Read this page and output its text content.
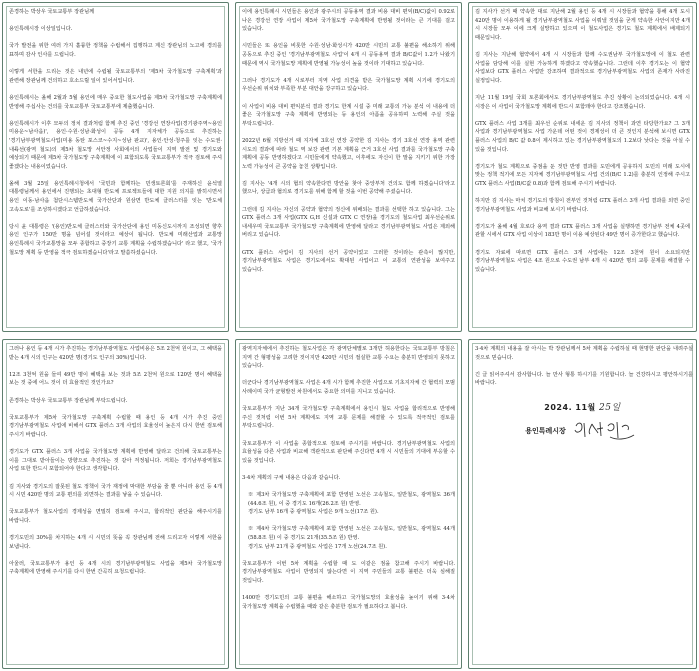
존경하는 박상우 국토교통부 장관님께

용인특례시장 이상일입니다.

국가 발전을 위한 여러 가지 훌륭한 정책을 수립해서 집행하고 계신 장관님의 노고에 경의를 표하며 감사 인사를 드립니다.

이렇게 서한을 드리는 것은 내년에 수립될 국토교통부의 '제5차 국가철도망 구축계획'과 관련해 장관님께 건의하고 호소드릴 일이 있어서입니다.

용인특례시는 올해 2월과 5월 용인에 매우 중요한 철도사업을 제5차 국가철도망 구축계획에 반영해 주십사는 건의를 국토교통부 국토교통부에 제출했습니다.

용인특례시가 이후 모두의 정치 결과처럼 함께 추진 중인 '경강선 연장사업(경기광주역~용인 미용운~남사읍)', 용인·수원·성남·화성이 공동 4개 지자체가 공동으로 추진하는 '경기남부광역철도사업(미용 동탄 포스코~수지~성남 판교)', 용인·안성·청주를 잇는 수도권·내륙선(광역 철도)의 제5차 철도망 서안정 사회에서의 사업들이 지역 발전 및 경기도와 예상되기 때문에 제5차 국가철도망 구축계획에 이 표함되도록 국토교통부가 적극 검토해 주셔 좋겠다는 내용이었습니다.

올해 3월 25일 용인특례시청에서 '국민과 함께하는 민생토론회'를 주재하신 윤석열 대통령님께서 용인에서 진행되는 초대형 반도체 프로젝트들에 대한 지원 의지를 밝히시면서 용인 이동·남사읍 첨단시스템반도체 국가산단과 원삼면 반도체 클러스터를 잇는 '반도체 고속도로'를 조성하시겠다고 언급하셨습니다.

당시 윤 대통령은 '(용인)반도체 클러스터와 국가산단에 용인 미동신도시까지 조성되면 향후 용인 인구가 150만 명을 넘어설 것이라고 예상이 됩니다. 반도체 미래산업과 교통망 용인특례시 국가교통망을 모두 종합하고 중장기 교통 계획을 수립하겠습니다' 라고 했고, '국가 철도망 계획 등 반영을 적극 검토하겠습니다'라고 말씀하셨습니다.

이에 용인특례시 시민들은 용인과 광주시의 공동용역 결과 비용 대비 편익(B/C)값이 0.92로 나온 경강선 연장 사업이 제5차 국가철도망 구축계획에 반영될 것이라는 큰 기대를 걸고 있습니다.

시민들은 또 용인을 비롯한 수원·성남·화성시가 420만 시민의 교통 불편을 해소하기 위해 공동으로 추진 중인 '경기남부광역철도 사업'이 4개 시 공동용역 결과 B/C값이 1.2가 나왔기 때문에 역시 국가철도망 계획에 반영될 가능성이 높을 것이라 기대하고 있습니다.

그러나 경기도가 4개 시로부터 지역 사업 의견을 받은 국가철도망 계획 시기에 경기도의 우선순위 위치와 부족한 부분 대안을 강구하고 있습니다.

이 사업이 비용 대비 편익분석 결과 경기도 한계 시설 중 미래 교통의 가능 분석 이 내용에 더 좋은 국가철도망 구축 계획에 반영되는 등 용인의 아픔을 공유하며 노력해 주실 것을 부탁드립니다.

2022년 6월 지방선거 때 지자체 3호선 연장 공약한 김 지사는 경기 3호선 연장 용역 관련 시도의 결과에 따라 철도 역 보강 관련 기본 계획을 근거 3호선 사업 결과를 국가철도망 구축 계획에 공동 반영하겠다고 시민들에게 약속했고, 이후에도 자신이 한 말을 지키기 위한 가장 노력 가능성이 큰 공약을 놓친 상황입니다.

김 지사는 '4개 시의 협의 약속한다면 방안을 찾아 중앙부처 건의도 함께 하겠습니다'라고 했으나, 상급과 협의로 경기도를 위해 함께 할 것을 이번 공약해 주셨습니다.

그런데 김 지사는 자신의 공약과 협약의 정신에 위배되는 결과를 선택한 하고 있습니다. 그는 GTX 플러스 3개 사업(GTX G,H 신설과 GTX C 연장)을 경기도의 철도사업 최우선순위로 내세우며 국토교통부 국가철도망 구축계획에 반영해 달라고 경기남부광역철도 사업은 제외해 버리고 있습니다.

GTX 플러스 사업이 김 지사의 선거 공약이었고 그러한 것이라는 관측이 많지만, 경기남부광역철도 사업은 경기도에서도 확대된 사업이고 이 교통의 연관성을 보여주고 있습니다.

김 지사가 선거 때 약속한 대로 지난해 2월 용인 등 4개 시 시장들과 협약을 통해 4개 도시 420만 명이 이용하게 될 경기남부광역철도 사업을 이뤄낼 것임을 굳게 약속한 사안이지만 4개 시 시장들 모두 이에 크게 실망하고 있으며 이 철도사업은 경기도 철도 계획에서 배제되기 때문입니다.

김 지사는 지난해 협약에서 4개 시 시장들과 함께 수도권남부 국가철도망에 이 철도 관련 사업을 담당해 이를 실현 가능하게 하겠다고 약속했습니다. 그런데 이후 경기도는 이 협약 사업보다 GTX 플러스 사업만 강조하며 결과적으로 경기남부광역철도 사업의 존재가 사라진 실정입니다.

지난 11월 19일 국회 토론회에서도 경기남부광역철도 추진 상황이 논의되었습니다. 4개 시 시장은 이 사업이 국가철도망 계획에 반드시 포함돼야 한다고 강조했습니다.

GTX 플러스 사업 3개를 최우선 순위로 내세운 김 지사의 정책이 과연 타당한가요? 그 3개 사업과 경기남부광역철도 사업 가운데 어떤 것이 경제성이 더 큰 것인지 분석해 보시면 GTX 플러스 사업의 B/C 값 0.8이 제시하고 있는 경기남부광역철도의 1.2보다 낮다는 것을 아실 수 있을 것입니다.

경기도가 철도 계획으로 중점을 둔 것만 반영 결과를 도민에게 공유하지 도민의 미래 도시에 맞는 정책 적기에 모든 지자체 경기남부광역철도 사업 건의(B/C 1.2)를 충분히 인정해 주시고 GTX 플러스 사업(B/C값 0.8)과 함께 검토해 주시기 바랍니다.

하지만 김 지사는 마치 경기도의 방침이 전부인 것처럼 GTX 플러스 3개 사업 결과를 외면 중인 경기남부광역철도 사업과 비교해 보시기 바랍니다.

경기도가 올해 4월 호로다 용역 결과 GTX 플러스 3개 사업을 실행하면 경기남부 전체 4곳에 관할 시에서 GTX 사업 이상이 183만 명이 이용 예상된다 49만 명이 증가한다고 했습니다.

경기도 자료에 따르면 GTX 플러스 3개 사업에는 12조 3천억 원이 소요되지만 경기남부광역철도 사업은 4조 원으로 수도권 남부 4개 시 420만 명의 교통 문제를 해결할 수 있습니다.

그러나 용인 등 4개 시가 추진하는 경기남부광역철도 사업비용은 5조 2천억 원이고, 그 혜택을 받는 4개 시의 인구는 420만 명(경기도 인구의 30%)입니다.

12조 3천억 원을 들여 49만 명이 혜택을 보는 것과 5조 2천억 원으로 120만 명이 혜택을 보는 것 중에 어느 것이 더 효율적인 것인가요?

존경하는 박상우 국토교통부 장관님께 부탁드립니다.

국토교통부가 제5차 국가철도망 구축계획 수립할 때 용인 등 4개 시가 추진 중인 경기남부광역철도 사업에 비해서 GTX 플러스 3개 사업의 효율성이 높은지 다시 한번 검토해 주시기 바랍니다.

경기도가 GTX 플러스 3개 사업을 국가철도망 계획에 반영해 달라고 건의해 국토교통부는 이를 그대로 받아들이는 방향으로 추진하는 것 같아 걱정됩니다. 저희는 경기남부광역철도 사업 또한 반드시 포함되어야 한다고 생각합니다.

김 지사와 경기도의 잘못된 철도 정책이 국가 재정에 막대한 부담을 줄 뿐 아니라 용인 등 4개 시 시민 420만 명의 교통 편의를 외면하는 결과를 낳을 수 있습니다.

국토교통부가 철도사업의 경제성을 면밀히 검토해 주시고, 합리적인 판단을 해주시기를 바랍니다.

경기도민의 30%를 차지하는 4개 시 시민의 뜻을 꼭 장관님께 전해 드리고자 이렇게 서한을 보냅니다.

아울러, 국토교통부가 용인 등 4개 시의 경기남부광역철도 사업을 제5차 국가철도망 구축계획에 반영해 주시기를 다시 한번 간곡히 요청드립니다.

광역지자체에서 추진하는 철도사업은 각 광역단체별로 3개만 허용한다는 국토교통부 방침은 지역 간 형평성을 고려한 것이지만 420만 시민의 절실한 교통 수요는 충분히 반영되지 못하고 있습니다.

더군다나 경기남부광역철도 사업은 4개 시가 함께 추진한 사업으로 기초지자체 간 협력의 모범 사례이며 국가 균형발전 차원에서도 중요한 의미를 지니고 있습니다.

국토교통부가 지난 34개 국가철도망 구축계획에서 용인시 철도 사업을 합리적으로 반영해 주신 것처럼 이번 5차 계획에도 지역 교통 문제를 해결할 수 있도록 적극적인 검토를 부탁드립니다.

국토교통부가 이 사업을 종합적으로 검토해 주시기를 바랍니다. 경기남부광역철도 사업의 효율성을 다른 사업과 비교해 객관적으로 판단해 주신다면 4개 시 시민들의 기대에 부응할 수 있을 것입니다.

3·4차 계획의 구체 내용은 다음과 같습니다.

※ 제3차 국가철도망 구축계획에 포함 반영된 노선은 고속철도, 일반철도, 광역철도 36개(44.6조 원), 이 중 경기도 16개(26.2조 원) 반영.

경기도 남부 16개 중 광역철도 사업은 9개 노선(17조 원).

※ 제4차 국가철도망 구축계획에 포함 반영된 노선은 고속철도, 일반철도, 광역철도 44개(58.8조 원) 이 중 경기도 21개(35.5조 원) 반영.

경기도 남부 21개 중 광역철도 사업은 17개 노선(24.7조 원).

국토교통부가 이번 5차 계획을 수립할 때 도 이같은 점을 참고해 주시기 바랍니다. 경기남부광역철도 사업이 반영되지 않는다면 이 지역 주민들의 교통 불편은 더욱 심해질 것입니다.

1400만 경기도민의 교통 불편을 해소하고 국가철도망의 효율성을 높이기 위해 3·4차 국가철도망 계획을 수립했을 때와 같은 충분한 검토가 필요하다고 봅니다.

3·4차 계획의 내용을 잘 아시는 박 장관님께서 5차 계획을 수립하실 때 현명한 판단을 내려주실 것으로 믿습니다.

긴 글 읽어주셔서 감사합니다. 늘 만사 형통 하시기를 기원합니다. 늘 건강하시고 평안하시기를 바랍니다.

2024. 11월 25일
용인특례시장
